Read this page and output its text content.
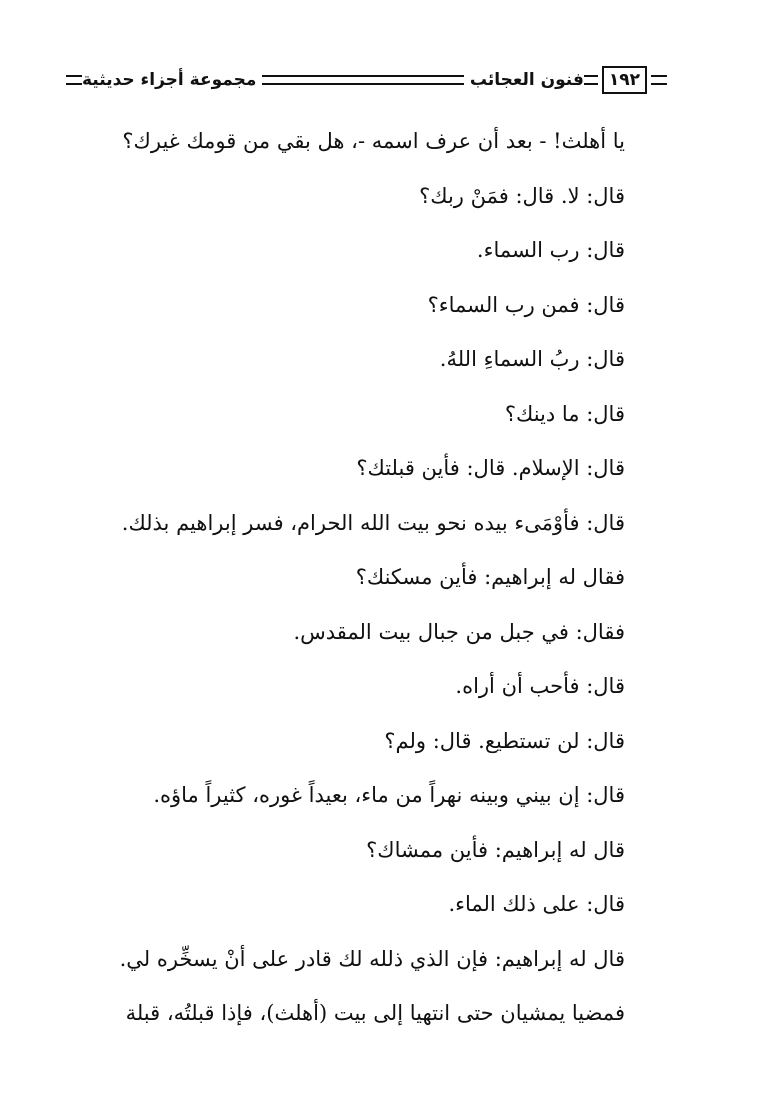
١٩٢
فنون العجائب
مجموعة أجزاء حديثية
يا أهلث! - بعد أن عرف اسمه -، هل بقي من قومك غيرك؟
قال: لا. قال: فمَنْ ربك؟
قال: رب السماء.
قال: فمن رب السماء؟
قال: ربُ السماءِ اللهُ.
قال: ما دينك؟
قال: الإسلام. قال: فأين قبلتك؟
قال: فأوْمَىء بيده نحو بيت الله الحرام، فسر إبراهيم بذلك.
فقال له إبراهيم: فأين مسكنك؟
فقال: في جبل من جبال بيت المقدس.
قال: فأحب أن أراه.
قال: لن تستطيع. قال: ولم؟
قال: إن بيني وبينه نهراً من ماء، بعيداً غوره، كثيراً ماؤه.
قال له إبراهيم: فأين ممشاك؟
قال: على ذلك الماء.
قال له إبراهيم: فإن الذي ذلله لك قادر على أنْ يسخِّره لي.
فمضيا يمشيان حتى انتهيا إلى بيت (أهلث)، فإذا قبلتُه، قبلة
